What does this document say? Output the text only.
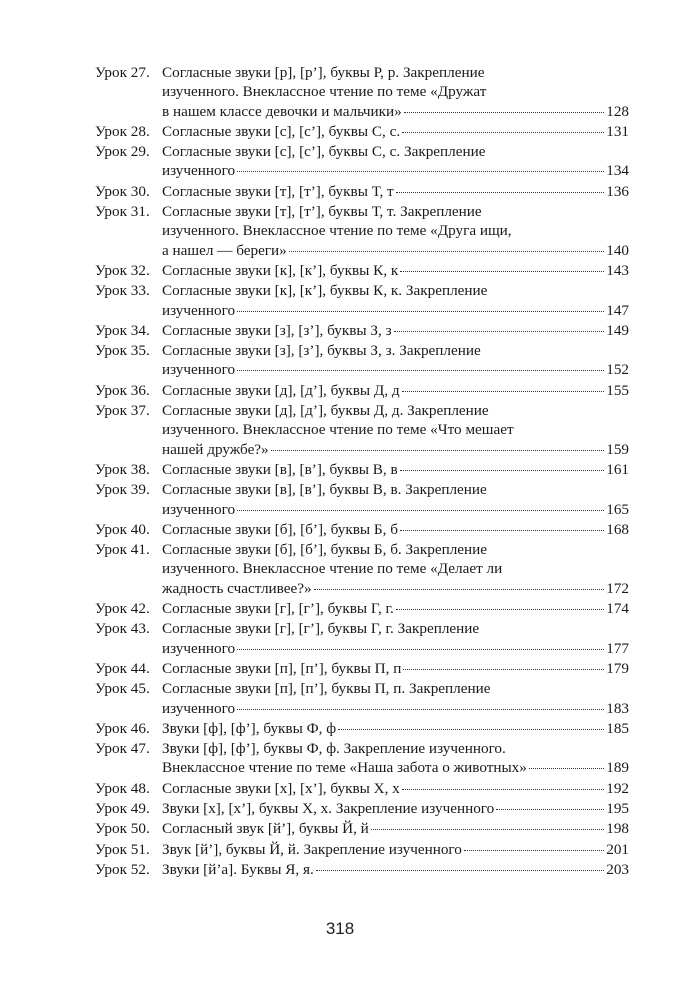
Урок 27. Согласные звуки [р], [р’], буквы Р, р. Закрепление
изученного. Внеклассное чтение по теме «Дружат
в нашем классе девочки и мальчики»	128
Урок 28. Согласные звуки [с], [с’], буквы С, с.	131
Урок 29. Согласные звуки [с], [с’], буквы С, с. Закрепление
изученного	134
Урок 30. Согласные звуки [т], [т’], буквы Т, т	136
Урок 31. Согласные звуки [т], [т’], буквы Т, т. Закрепление
изученного. Внеклассное чтение по теме «Друга ищи,
а нашел — береги»	140
Урок 32. Согласные звуки [к], [к’], буквы К, к	143
Урок 33. Согласные звуки [к], [к’], буквы К, к. Закрепление
изученного	147
Урок 34. Согласные звуки [з], [з’], буквы З, з	149
Урок 35. Согласные звуки [з], [з’], буквы З, з. Закрепление
изученного	152
Урок 36. Согласные звуки [д], [д’], буквы Д, д	155
Урок 37. Согласные звуки [д], [д’], буквы Д, д. Закрепление
изученного. Внеклассное чтение по теме «Что мешает
нашей дружбе?»	159
Урок 38. Согласные звуки [в], [в’], буквы В, в	161
Урок 39. Согласные звуки [в], [в’], буквы В, в. Закрепление
изученного	165
Урок 40. Согласные звуки [б], [б’], буквы Б, б	168
Урок 41. Согласные звуки [б], [б’], буквы Б, б. Закрепление
изученного. Внеклассное чтение по теме «Делает ли
жадность счастливее?»	172
Урок 42. Согласные звуки [г], [г’], буквы Г, г.	174
Урок 43. Согласные звуки [г], [г’], буквы Г, г. Закрепление
изученного	177
Урок 44. Согласные звуки [п], [п’], буквы П, п	179
Урок 45. Согласные звуки [п], [п’], буквы П, п. Закрепление
изученного	183
Урок 46. Звуки [ф], [ф’], буквы Ф, ф	185
Урок 47. Звуки [ф], [ф’], буквы Ф, ф. Закрепление изученного.
Внеклассное чтение по теме «Наша забота о животных»	189
Урок 48. Согласные звуки [х], [х’], буквы Х, х	192
Урок 49. Звуки [х], [х’], буквы Х, х. Закрепление изученного	195
Урок 50. Согласный звук [й’], буквы Й, й	198
Урок 51. Звук [й’], буквы Й, й. Закрепление изученного	201
Урок 52. Звуки [й’а]. Буквы Я, я.	203
318
